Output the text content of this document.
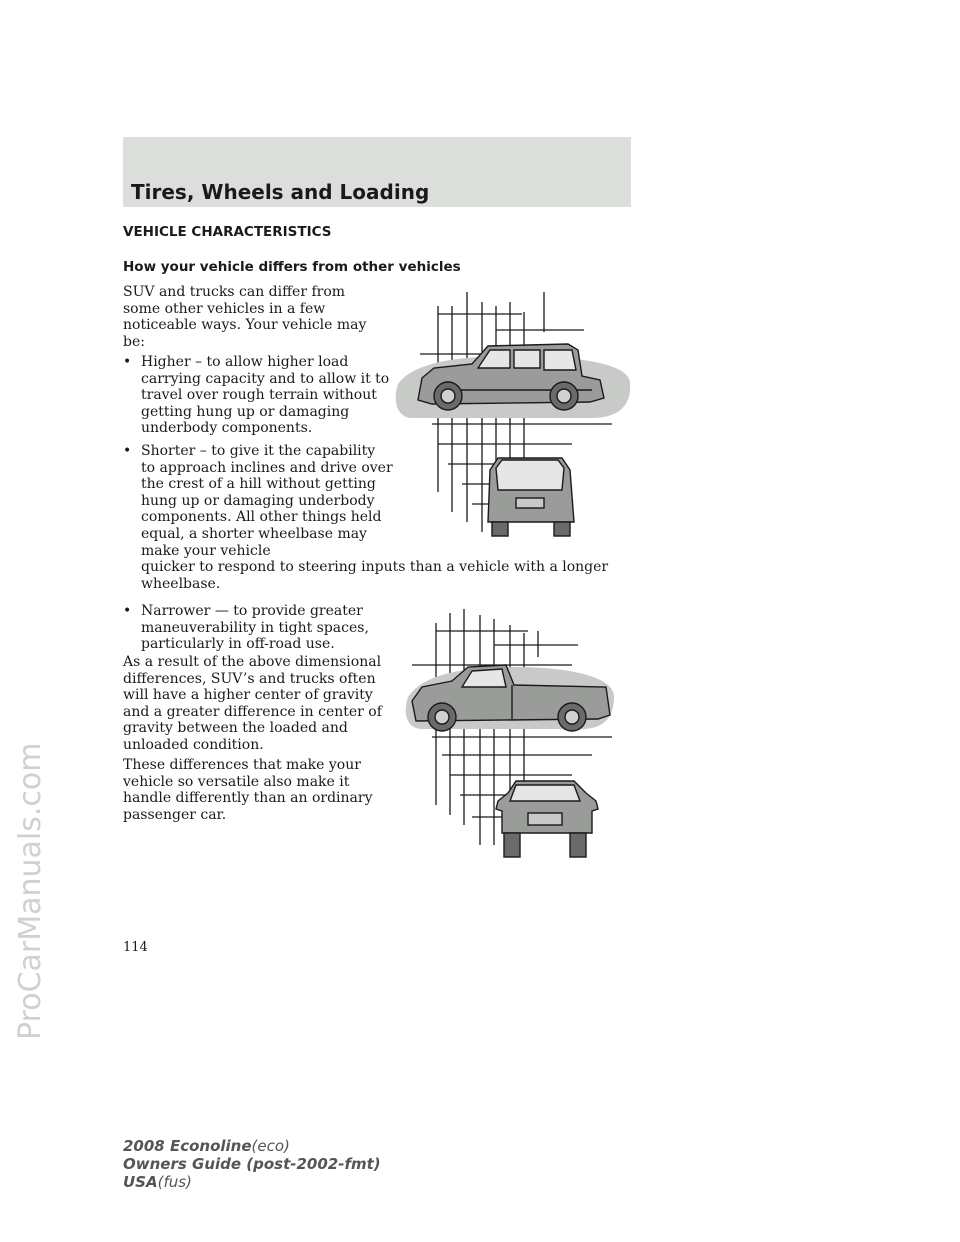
ProCarManuals.com
Tires, Wheels and Loading
VEHICLE CHARACTERISTICS
How your vehicle differs from other vehicles

SUV and trucks can differ from some other vehicles in a few noticeable ways. Your vehicle may be:

• Higher – to allow higher load carrying capacity and to allow it to travel over rough terrain without getting hung up or damaging underbody components.
• Shorter – to give it the capability to approach inclines and drive over the crest of a hill without getting hung up or damaging underbody components. All other things held equal, a shorter wheelbase may make your vehicle

quicker to respond to steering inputs than a vehicle with a longer wheelbase.

• Narrower — to provide greater maneuverability in tight spaces, particularly in off-road use.

As a result of the above dimensional differences, SUV’s and trucks often will have a higher center of gravity and a greater difference in center of gravity between the loaded and unloaded condition.

These differences that make your vehicle so versatile also make it handle differently than an ordinary passenger car.

114

2008 Econoline(eco)
Owners Guide (post-2002-fmt)
USA(fus)
